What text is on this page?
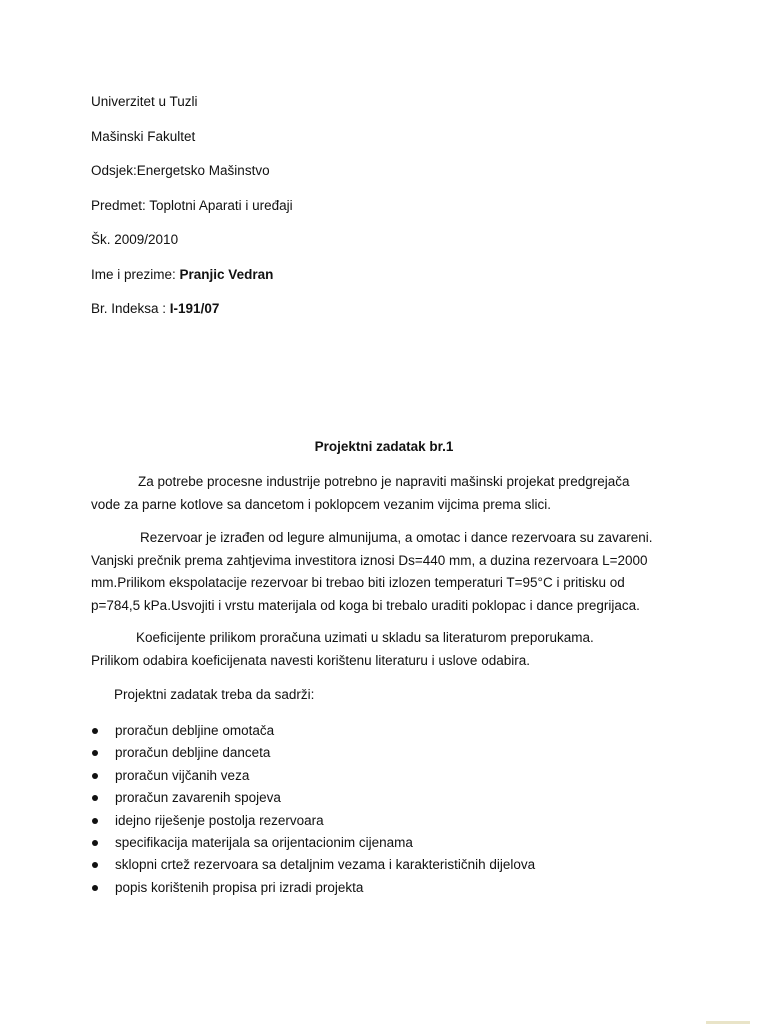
Univerzitet u Tuzli
Mašinski Fakultet
Odsjek:Energetsko Mašinstvo
Predmet: Toplotni Aparati i uređaji
Šk. 2009/2010
Ime i prezime: Pranjic Vedran
Br. Indeksa : I-191/07
Projektni zadatak br.1
Za potrebe procesne industrije potrebno je napraviti mašinski projekat predgrejača
vode za parne kotlove sa dancetom i poklopcem vezanim vijcima prema slici.
Rezervoar je izrađen od legure almunijuma, a omotac i dance rezervoara su zavareni.
Vanjski prečnik prema zahtjevima investitora iznosi Ds=440 mm, a duzina rezervoara L=2000
mm.Prilikom ekspolatacije rezervoar bi trebao biti izlozen temperaturi T=95°C i pritisku od
p=784,5 kPa.Usvojiti i vrstu materijala od koga bi trebalo uraditi poklopac i dance pregrijaca.
Koeficijente prilikom proračuna uzimati u skladu sa literaturom preporukama.
Prilikom odabira koeficijenata navesti korištenu literaturu i uslove odabira.
Projektni zadatak treba da sadrži:
proračun debljine omotača
proračun debljine danceta
proračun vijčanih veza
proračun zavarenih spojeva
idejno riješenje postolja rezervoara
specifikacija materijala sa orijentacionim cijenama
sklopni crtež rezervoara sa detaljnim vezama i karakterističnih dijelova
popis korištenih propisa pri izradi projekta
